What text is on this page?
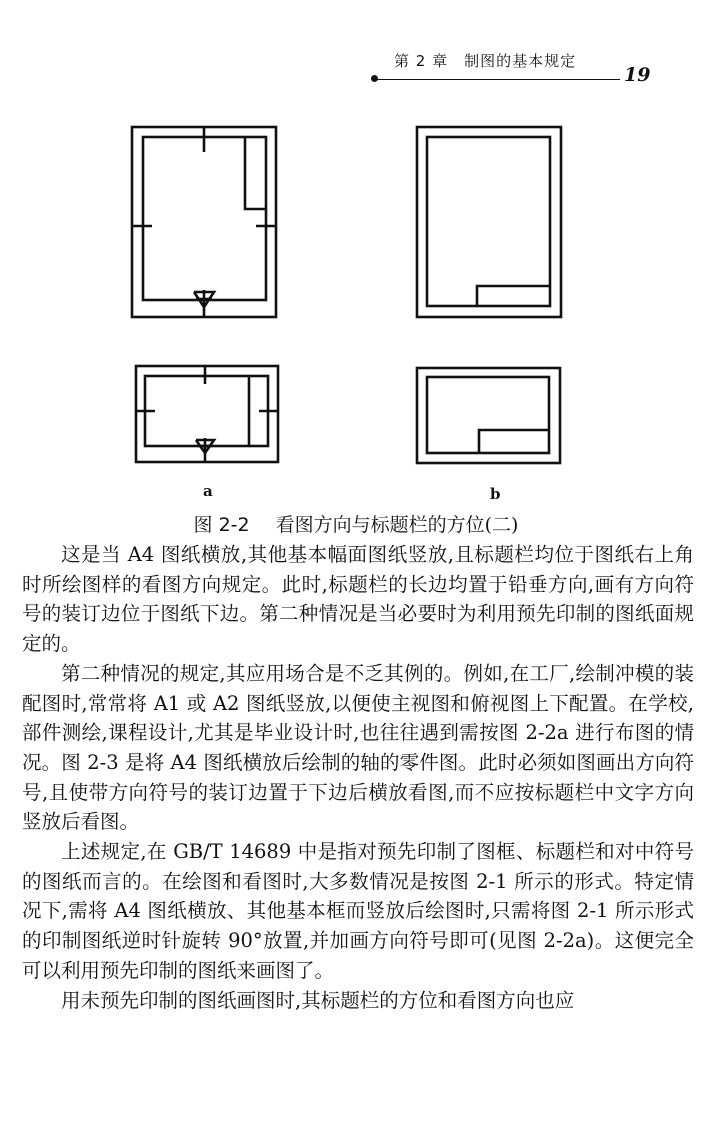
第 2 章　制图的基本规定
19
a	b
图 2-2 看图方向与标题栏的方位(二)

这是当 A4 图纸横放,其他基本幅面图纸竖放,且标题栏均位于图纸右上角时所绘图样的看图方向规定。此时,标题栏的长边均置于铅垂方向,画有方向符号的装订边位于图纸下边。第二种情况是当必要时为利用预先印制的图纸面规定的。

第二种情况的规定,其应用场合是不乏其例的。例如,在工厂,绘制冲模的装配图时,常常将 A1 或 A2 图纸竖放,以便使主视图和俯视图上下配置。在学校,部件测绘,课程设计,尤其是毕业设计时,也往往遇到需按图 2-2a 进行布图的情况。图 2-3 是将 A4 图纸横放后绘制的轴的零件图。此时必须如图画出方向符号,且使带方向符号的装订边置于下边后横放看图,而不应按标题栏中文字方向竖放后看图。

上述规定,在 GB/T 14689 中是指对预先印制了图框、标题栏和对中符号的图纸而言的。在绘图和看图时,大多数情况是按图 2-1 所示的形式。特定情况下,需将 A4 图纸横放、其他基本框而竖放后绘图时,只需将图 2-1 所示形式的印制图纸逆时针旋转 90°放置,并加画方向符号即可(见图 2-2a)。这便完全可以利用预先印制的图纸来画图了。

用未预先印制的图纸画图时,其标题栏的方位和看图方向也应
